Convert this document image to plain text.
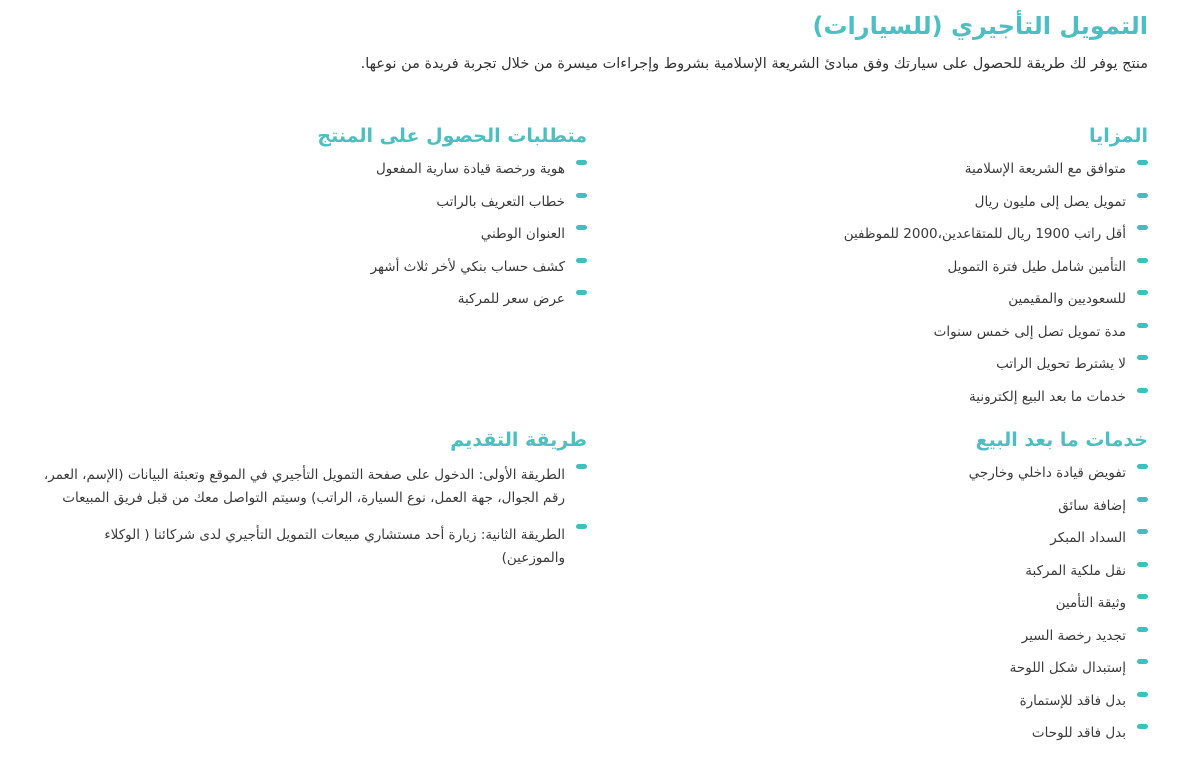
التمويل التأجيري (للسيارات)

منتج يوفر لك طريقة للحصول على سيارتك وفق مبادئ الشريعة الإسلامية بشروط وإجراءات ميسرة من خلال تجربة فريدة من نوعها.

المزايا
متوافق مع الشريعة الإسلامية
تمويل يصل إلى مليون ريال
أقل راتب 1900 ريال للمتقاعدين،2000 للموظفين
التأمين شامل طيل فترة التمويل
للسعوديين والمقيمين
مدة تمويل تصل إلى خمس سنوات
لا يشترط تحويل الراتب
خدمات ما بعد البيع إلكترونية
متطلبات الحصول على المنتج
هوية ورخصة قيادة سارية المفعول
خطاب التعريف بالراتب
العنوان الوطني
كشف حساب بنكي لأخر ثلاث أشهر
عرض سعر للمركبة
خدمات ما بعد البيع
تفويض قيادة داخلي وخارجي
إضافة سائق
السداد المبكر
نقل ملكية المركبة
وثيقة التأمين
تجديد رخصة السير
إستبدال شكل اللوحة
بدل فاقد للإستمارة
بدل فاقد للوحات
طريقة التقديم
الطريقة الأولى: الدخول على صفحة التمويل التأجيري في الموقع وتعبئة البيانات (الإسم، العمر، رقم الجوال، جهة العمل، نوع السيارة، الراتب) وسيتم التواصل معك من قبل فريق المبيعات
الطريقة الثانية: زيارة أحد مستشاري مبيعات التمويل التأجيري لدى شركائنا ( الوكلاء والموزعين)
